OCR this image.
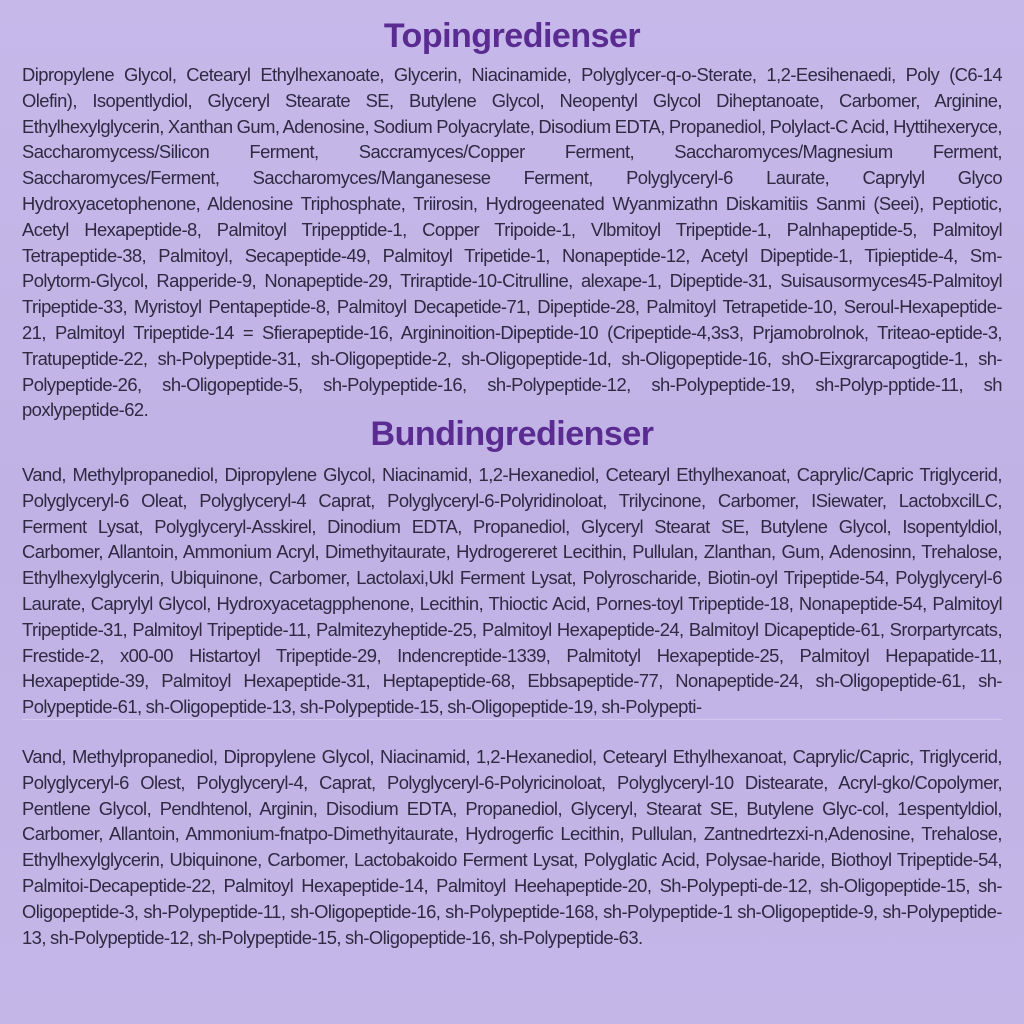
Topingredienser

Dipropylene Glycol, Cetearyl Ethylhexanoate, Glycerin, Niacinamide, Polyglycer-q-o-Sterate, 1,2-Eesihenaedi, Poly (C6-14 Olefin), Isopentlydiol, Glyceryl Stearate SE, Butylene Glycol, Neopentyl Glycol Diheptanoate, Carbomer, Arginine, Ethylhexylglycerin, Xanthan Gum, Adenosine, Sodium Polyacrylate, Disodium EDTA, Propanediol, Polylact-C Acid, Hyttihexeryce, Saccharomycess/Silicon Ferment, Saccramyces/Copper Ferment, Saccharomyces/Magnesium Ferment, Saccharomyces/Ferment, Saccharomyces/Manganesese Ferment, Polyglyceryl-6 Laurate, Caprylyl Glyco Hydroxyacetophenone, Aldenosine Triphosphate, Triirosin, Hydrogeenated Wyanmizathn Diskamitiis Sanmi (Seei), Peptiotic, Acetyl Hexapeptide-8, Palmitoyl Tripepptide-1, Copper Tripoide-1, Vlbmitoyl Tripeptide-1, Palnhapeptide-5, Palmitoyl Tetrapeptide-38, Palmitoyl, Secapeptide-49, Palmitoyl Tripetide-1, Nonapeptide-12, Acetyl Dipeptide-1, Tipieptide-4, Sm-Polytorm-Glycol, Rapperide-9, Nonapeptide-29, Triraptide-10-Citrulline, alexape-1, Dipeptide-31, Suisausormyces45-Palmitoyl Tripeptide-33, Myristoyl Pentapeptide-8, Palmitoyl Decapetide-71, Dipeptide-28, Palmitoyl Tetrapetide-10, Seroul-Hexapeptide-21, Palmitoyl Tripeptide-14 = Sfierapeptide-16, Argininoition-Dipeptide-10 (Cripeptide-4,3s3, Prjamobrolnok, Triteao-eptide-3, Tratupeptide-22, sh-Polypeptide-31, sh-Oligopeptide-2, sh-Oligopeptide-1d, sh-Oligopeptide-16, shO-Eixgrarcapogtide-1, sh-Polypeptide-26, sh-Oligopeptide-5, sh-Polypeptide-16, sh-Polypeptide-12, sh-Polypeptide-19, sh-Polyp-pptide-11, sh poxlypeptide-62.

Bundingredienser

Vand, Methylpropanediol, Dipropylene Glycol, Niacinamid, 1,2-Hexanediol, Cetearyl Ethylhexanoat, Caprylic/Capric Triglycerid, Polyglyceryl-6 Oleat, Polyglyceryl-4 Caprat, Polyglyceryl-6-Polyridinoloat, Trilycinone, Carbomer, ISiewater, LactobxcilLC, Ferment Lysat, Polyglyceryl-Asskirel, Dinodium EDTA, Propanediol, Glyceryl Stearat SE, Butylene Glycol, Isopentyldiol, Carbomer, Allantoin, Ammonium Acryl, Dimethyitaurate, Hydrogereret Lecithin, Pullulan, Zlanthan, Gum, Adenosinn, Trehalose, Ethylhexylglycerin, Ubiquinone, Carbomer, Lactolaxi,Ukl Ferment Lysat, Polyroscharide, Biotin-oyl Tripeptide-54, Polyglyceryl-6 Laurate, Caprylyl Glycol, Hydroxyacetagpphenone, Lecithin, Thioctic Acid, Pornes-toyl Tripeptide-18, Nonapeptide-54, Palmitoyl Tripeptide-31, Palmitoyl Tripeptide-11, Palmitezyheptide-25, Palmitoyl Hexapeptide-24, Balmitoyl Dicapeptide-61, Srorpartyrcats, Frestide-2, x00-00 Histartoyl Tripeptide-29, Indencreptide-1339, Palmitotyl Hexapeptide-25, Palmitoyl Hepapatide-11, Hexapeptide-39, Palmitoyl Hexapeptide-31, Heptapeptide-68, Ebbsapeptide-77, Nonapeptide-24, sh-Oligopeptide-61, sh-Polypeptide-61, sh-Oligopeptide-13, sh-Polypeptide-15, sh-Oligopeptide-19, sh-Polypepti-

Vand, Methylpropanediol, Dipropylene Glycol, Niacinamid, 1,2-Hexanediol, Cetearyl Ethylhexanoat, Caprylic/Capric, Triglycerid, Polyglyceryl-6 Olest, Polyglyceryl-4, Caprat, Polyglyceryl-6-Polyricinoloat, Polyglyceryl-10 Distearate, Acryl-gko/Copolymer, Pentlene Glycol, Pendhtenol, Arginin, Disodium EDTA, Propanediol, Glyceryl, Stearat SE, Butylene Glyc-col, 1espentyldiol, Carbomer, Allantoin, Ammonium-fnatpo-Dimethyitaurate, Hydrogerfic Lecithin, Pullulan, Zantnedrtezxi-n,Adenosine, Trehalose, Ethylhexylglycerin, Ubiquinone, Carbomer, Lactobakoido Ferment Lysat, Polyglatic Acid, Polysae-haride, Biothoyl Tripeptide-54, Palmitoi-Decapeptide-22, Palmitoyl Hexapeptide-14, Palmitoyl Heehapeptide-20, Sh-Polypepti-de-12, sh-Oligopeptide-15, sh-Oligopeptide-3, sh-Polypeptide-11, sh-Oligopeptide-16, sh-Polypeptide-168, sh-Polypeptide-1 sh-Oligopeptide-9, sh-Polypeptide-13, sh-Polypeptide-12, sh-Polypeptide-15, sh-Oligopeptide-16, sh-Polypeptide-63.
